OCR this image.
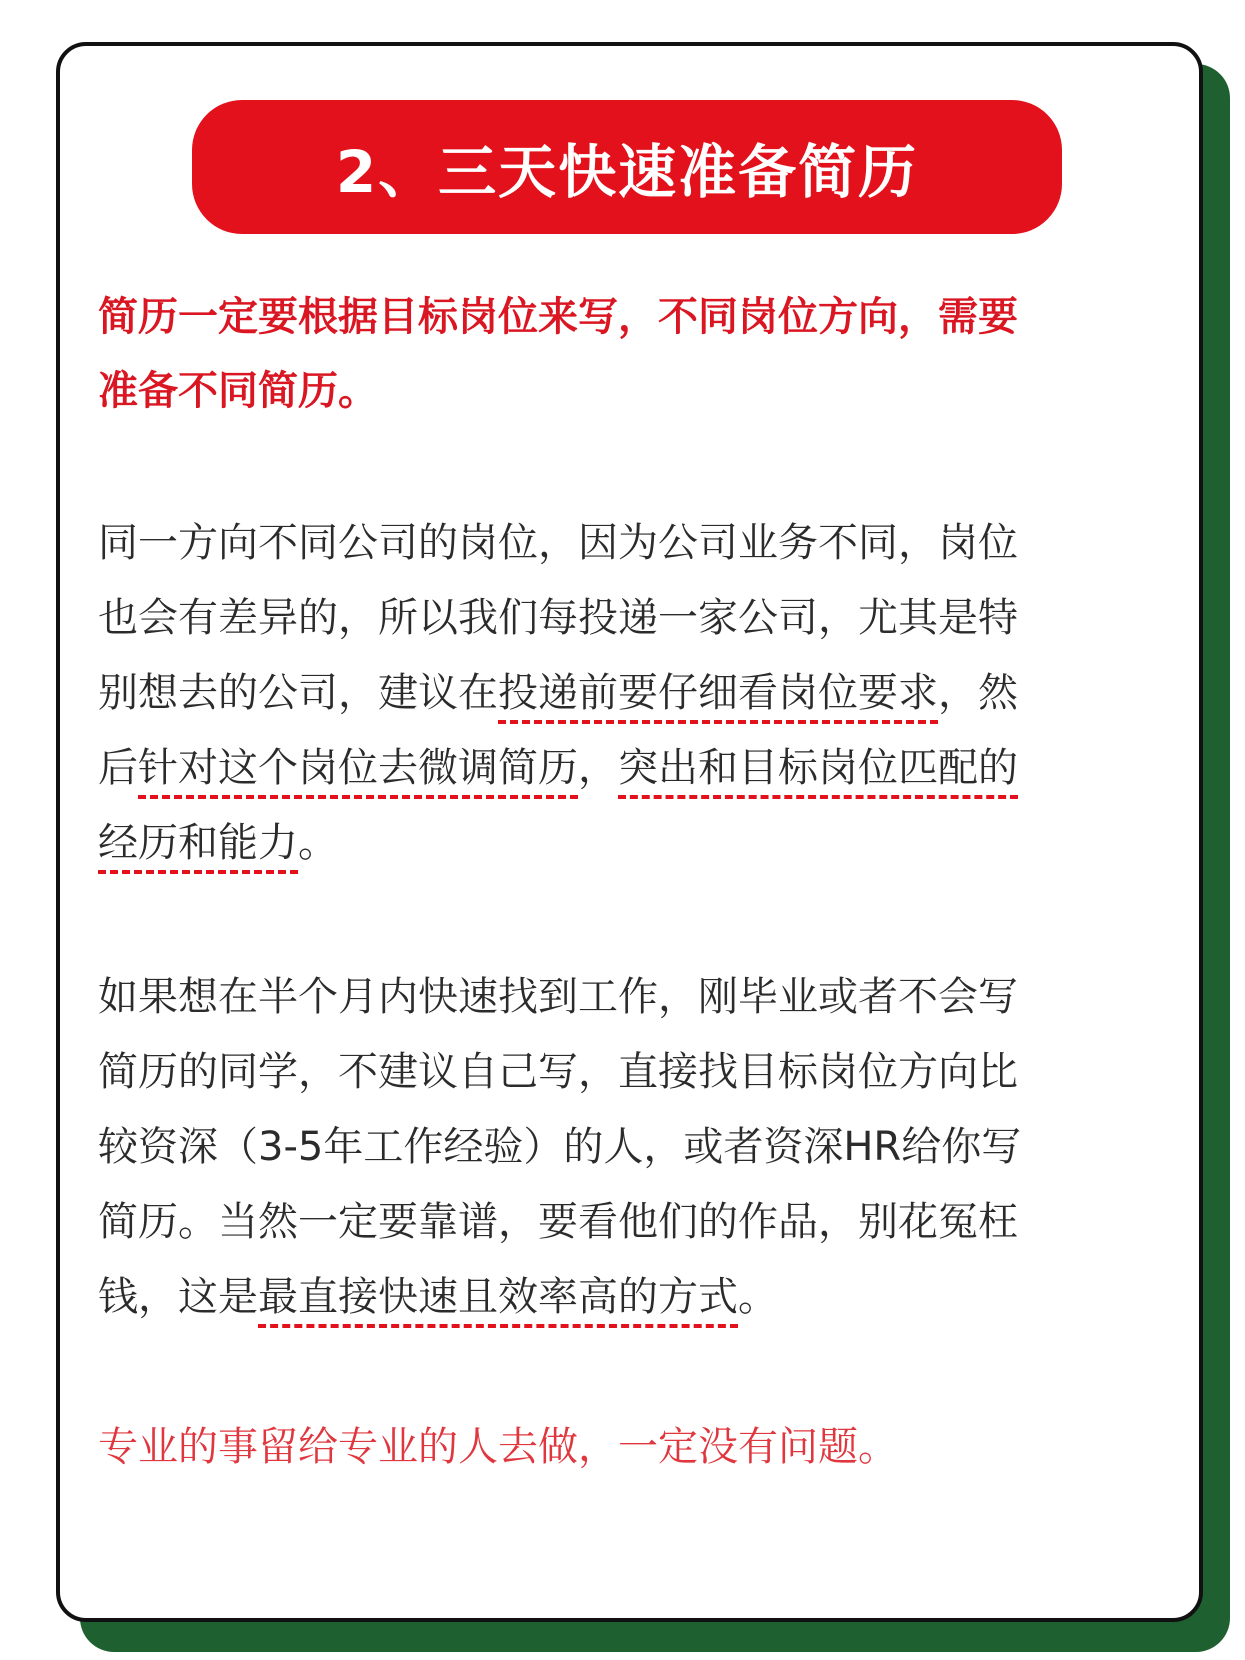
2、三天快速准备简历

简历一定要根据目标岗位来写，不同岗位方向，需要
准备不同简历。

同一方向不同公司的岗位，因为公司业务不同，岗位
也会有差异的，所以我们每投递一家公司，尤其是特
别想去的公司，建议在投递前要仔细看岗位要求，然
后针对这个岗位去微调简历，突出和目标岗位匹配的
经历和能力。

如果想在半个月内快速找到工作，刚毕业或者不会写
简历的同学，不建议自己写，直接找目标岗位方向比
较资深（3-5年工作经验）的人，或者资深HR给你写
简历。当然一定要靠谱，要看他们的作品，别花冤枉
钱，这是最直接快速且效率高的方式。

专业的事留给专业的人去做，一定没有问题。
